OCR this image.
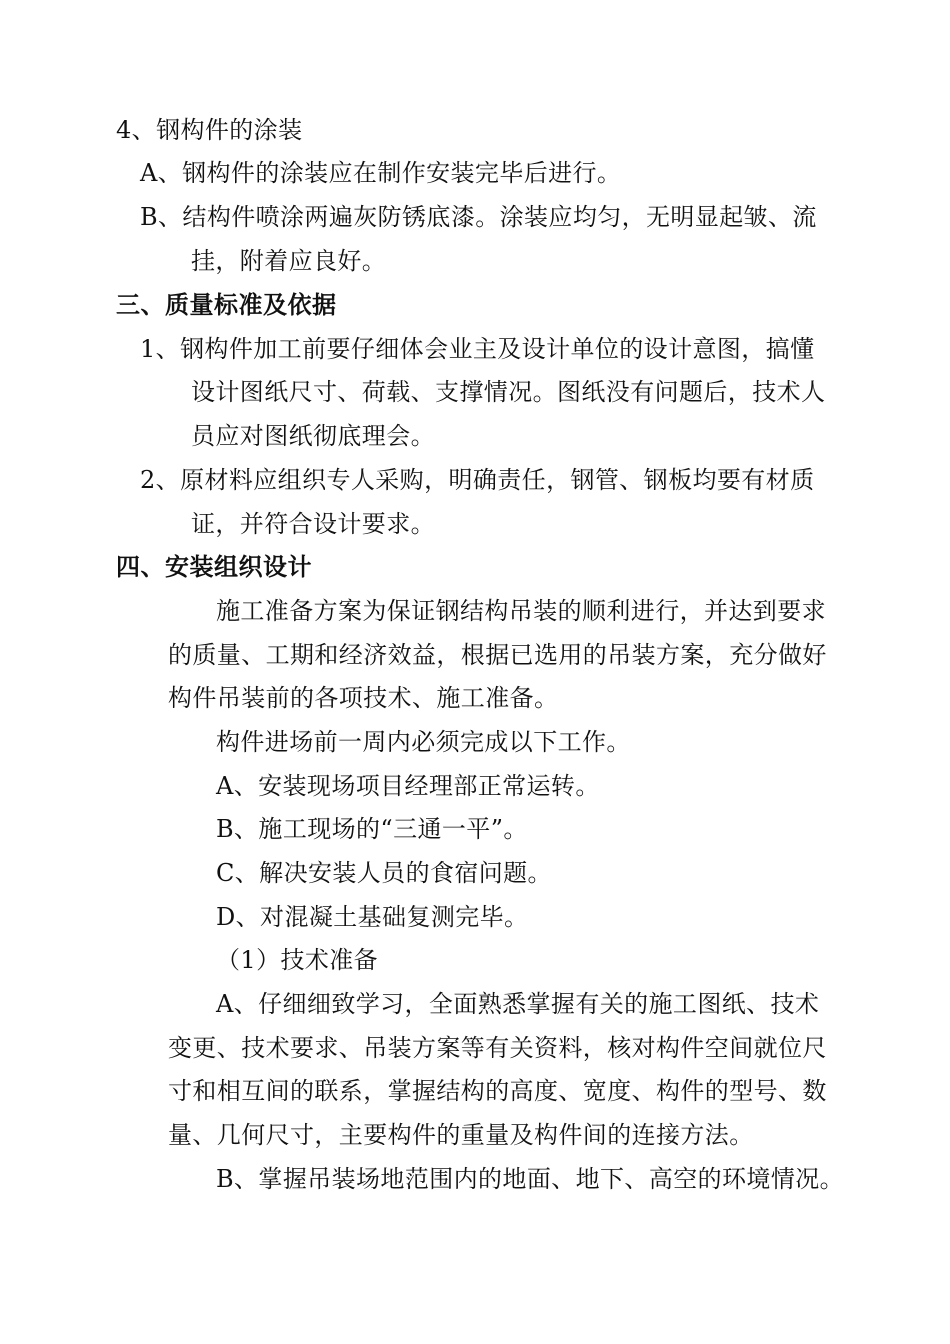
4、钢构件的涂装
A、钢构件的涂装应在制作安装完毕后进行。
B、结构件喷涂两遍灰防锈底漆。涂装应均匀，无明显起皱、流
挂，附着应良好。
三、质量标准及依据
1、钢构件加工前要仔细体会业主及设计单位的设计意图，搞懂
设计图纸尺寸、荷载、支撑情况。图纸没有问题后，技术人
员应对图纸彻底理会。
2、原材料应组织专人采购，明确责任，钢管、钢板均要有材质
证，并符合设计要求。
四、安装组织设计
施工准备方案为保证钢结构吊装的顺利进行，并达到要求
的质量、工期和经济效益，根据已选用的吊装方案，充分做好
构件吊装前的各项技术、施工准备。
构件进场前一周内必须完成以下工作。
A、安装现场项目经理部正常运转。
B、施工现场的“三通一平”。
C、解决安装人员的食宿问题。
D、对混凝土基础复测完毕。
（1）技术准备
A、仔细细致学习，全面熟悉掌握有关的施工图纸、技术
变更、技术要求、吊装方案等有关资料，核对构件空间就位尺
寸和相互间的联系，掌握结构的高度、宽度、构件的型号、数
量、几何尺寸，主要构件的重量及构件间的连接方法。
B、掌握吊装场地范围内的地面、地下、高空的环境情况。
